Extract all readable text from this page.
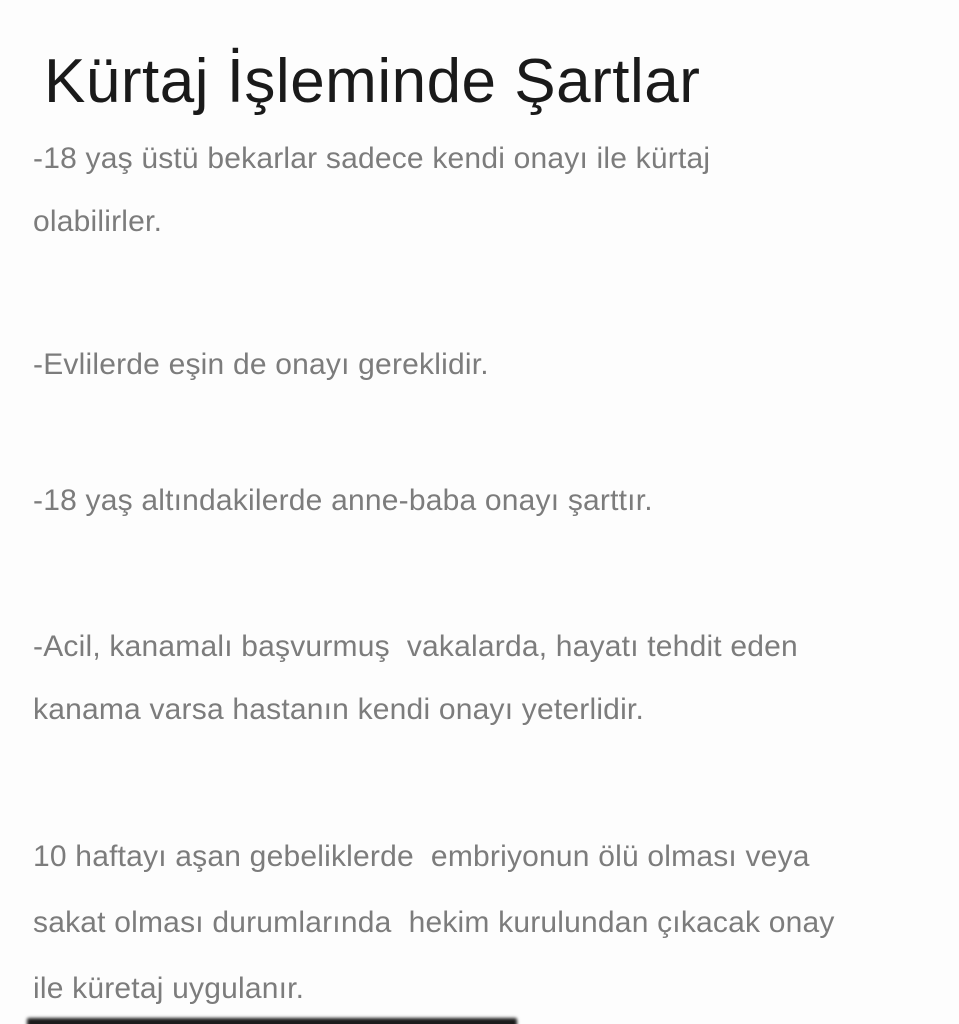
Kürtaj İşleminde Şartlar
-18 yaş üstü bekarlar sadece kendi onayı ile kürtaj
olabilirler.
-Evlilerde eşin de onayı gereklidir.
-18 yaş altındakilerde anne-baba onayı şarttır.
-Acil, kanamalı başvurmuş  vakalarda, hayatı tehdit eden
kanama varsa hastanın kendi onayı yeterlidir.
10 haftayı aşan gebeliklerde  embriyonun ölü olması veya
sakat olması durumlarında  hekim kurulundan çıkacak onay
ile küretaj uygulanır.
